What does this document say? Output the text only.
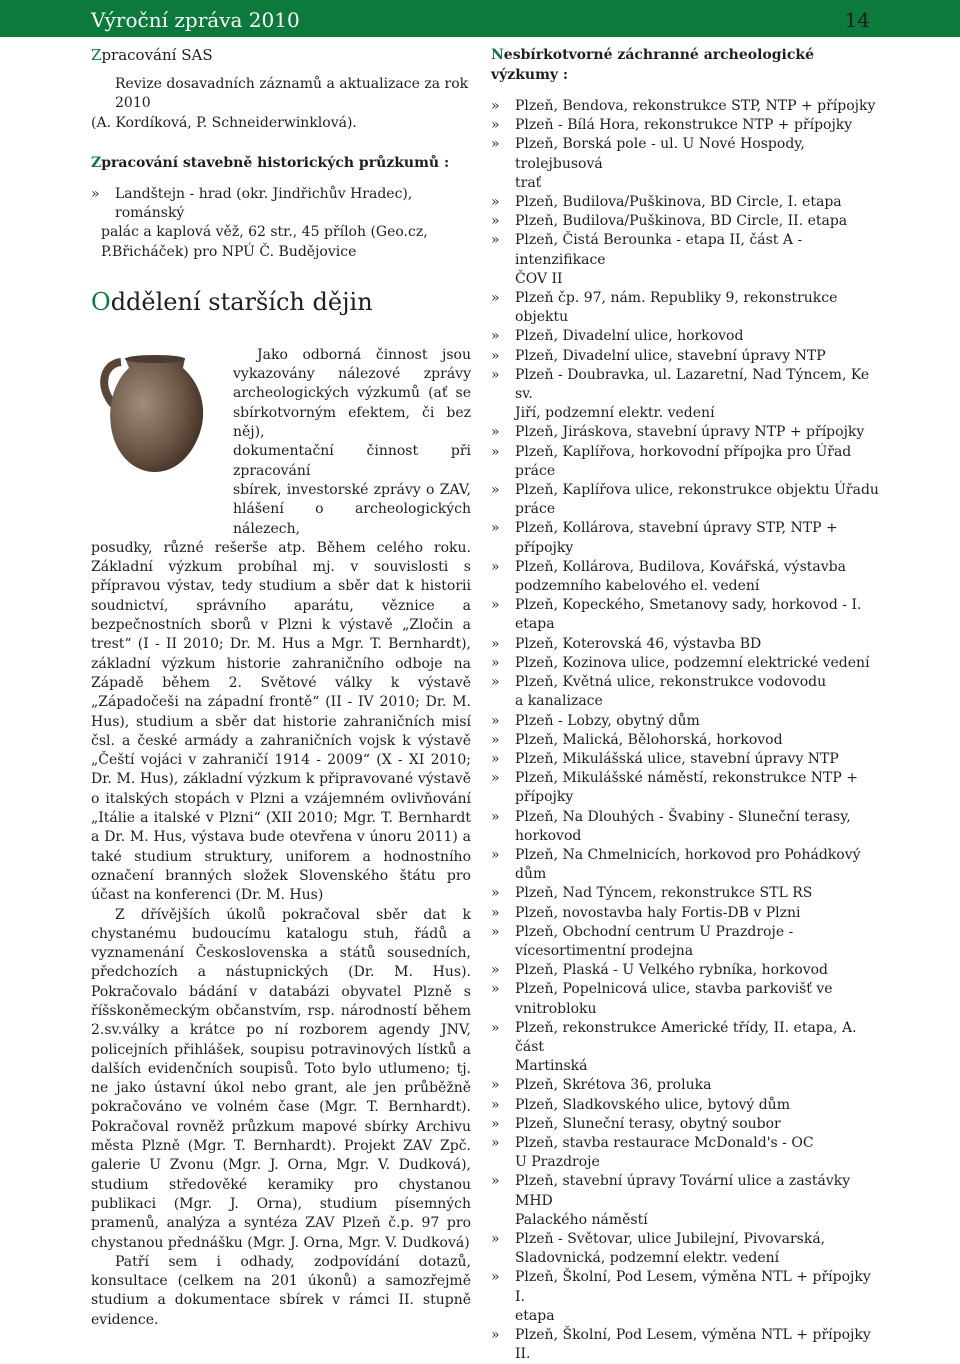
Výroční zpráva 2010	14
Zpracování SAS
Revize dosavadních záznamů a aktualizace za rok 2010
(A. Kordíková, P. Schneiderwinklová).
Zpracování stavebně historických průzkumů :
» Landštejn - hrad (okr. Jindřichův Hradec), románský
palác a kaplová věž, 62 str., 45 příloh (Geo.cz,
P.Břicháček) pro NPÚ Č. Budějovice
Oddělení starších dějin
Jako odborná činnost jsou
vykazovány nálezové zprávy
archeologických výzkumů (ať se
sbírkotvorným efektem, či bez něj),
dokumentační činnost při zpracování
sbírek, investorské zprávy o ZAV,
hlášení o archeologických nálezech,
posudky, různé rešerše atp. Během celého roku. Základní výzkum probíhal mj. v souvislosti s přípravou výstav, tedy studium a sběr dat k historii soudnictví, správního aparátu, věznice a bezpečnostních sborů v Plzni k výstavě „Zločin a trest“ (I - II 2010; Dr. M. Hus a Mgr. T. Bernhardt), základní výzkum historie zahraničního odboje na Západě během 2. Světové války k výstavě „Západočeši na západní frontě“ (II - IV 2010; Dr. M. Hus), studium a sběr dat historie zahraničních misí čsl. a české armády a zahraničních vojsk k výstavě „Čeští vojáci v zahraničí 1914 - 2009“ (X - XI 2010; Dr. M. Hus), základní výzkum k připravované výstavě o italských stopách v Plzni a vzájemném ovlivňování „Itálie a italské v Plzni“ (XII 2010; Mgr. T. Bernhardt a Dr. M. Hus, výstava bude otevřena v únoru 2011) a také studium struktury, uniforem a hodnostního označení branných složek Slovenského štátu pro účast na konferenci (Dr. M. Hus)
Z dřívějších úkolů pokračoval sběr dat k chystanému budoucímu katalogu stuh, řádů a vyznamenání Československa a států sousedních, předchozích a nástupnických (Dr. M. Hus). Pokračovalo bádání v databázi obyvatel Plzně s říšskoněmeckým občanstvím, rsp. národností během 2.sv.války a krátce po ní rozborem agendy JNV, policejních přihlášek, soupisu potravinových lístků a dalších evidenčních soupisů. Toto bylo utlumeno; tj. ne jako ústavní úkol nebo grant, ale jen průběžně pokračováno ve volném čase (Mgr. T. Bernhardt). Pokračoval rovněž průzkum mapové sbírky Archivu města Plzně (Mgr. T. Bernhardt). Projekt ZAV Zpč. galerie U Zvonu (Mgr. J. Orna, Mgr. V. Dudková), studium středověké keramiky pro chystanou publikaci (Mgr. J. Orna), studium písemných pramenů, analýza a syntéza ZAV Plzeň č.p. 97 pro chystanou přednášku (Mgr. J. Orna, Mgr. V. Dudková)
Patří sem i odhady, zodpovídání dotazů, konsultace (celkem na 201 úkonů) a samozřejmě studium a dokumentace sbírek v rámci II. stupně evidence.
Nesbírkotvorné záchranné archeologické výzkumy :
» Plzeň, Bendova, rekonstrukce STP, NTP + přípojky
» Plzeň - Bílá Hora, rekonstrukce NTP + přípojky
» Plzeň, Borská pole - ul. U Nové Hospody, trolejbusová
trať
» Plzeň, Budilova/Puškinova, BD Circle, I. etapa
» Plzeň, Budilova/Puškinova, BD Circle, II. etapa
» Plzeň, Čistá Berounka - etapa II, část A - intenzifikace
ČOV II
» Plzeň čp. 97, nám. Republiky 9, rekonstrukce objektu
» Plzeň, Divadelní ulice, horkovod
» Plzeň, Divadelní ulice, stavební úpravy NTP
» Plzeň - Doubravka, ul. Lazaretní, Nad Týncem, Ke sv.
Jiří, podzemní elektr. vedení
» Plzeň, Jiráskova, stavební úpravy NTP + přípojky
» Plzeň, Kaplířova, horkovodní přípojka pro Úřad práce
» Plzeň, Kaplířova ulice, rekonstrukce objektu Úřadu
práce
» Plzeň, Kollárova, stavební úpravy STP, NTP +
přípojky
» Plzeň, Kollárova, Budilova, Kovářská, výstavba
podzemního kabelového el. vedení
» Plzeň, Kopeckého, Smetanovy sady, horkovod - I.
etapa
» Plzeň, Koterovská 46, výstavba BD
» Plzeň, Kozinova ulice, podzemní elektrické vedení
» Plzeň, Květná ulice, rekonstrukce vodovodu
a kanalizace
» Plzeň - Lobzy, obytný dům
» Plzeň, Malická, Bělohorská, horkovod
» Plzeň, Mikulášská ulice, stavební úpravy NTP
» Plzeň, Mikulášské náměstí, rekonstrukce NTP +
přípojky
» Plzeň, Na Dlouhých - Švabiny - Sluneční terasy,
horkovod
» Plzeň, Na Chmelnicích, horkovod pro Pohádkový
dům
» Plzeň, Nad Týncem, rekonstrukce STL RS
» Plzeň, novostavba haly Fortis-DB v Plzni
» Plzeň, Obchodní centrum U Prazdroje -
vícesortimentní prodejna
» Plzeň, Plaská - U Velkého rybníka, horkovod
» Plzeň, Popelnicová ulice, stavba parkovišť ve
vnitrobloku
» Plzeň, rekonstrukce Americké třídy, II. etapa, A. část
Martinská
» Plzeň, Skrétova 36, proluka
» Plzeň, Sladkovského ulice, bytový dům
» Plzeň, Sluneční terasy, obytný soubor
» Plzeň, stavba restaurace McDonald's - OC
U Prazdroje
» Plzeň, stavební úpravy Tovární ulice a zastávky MHD
Palackého náměstí
» Plzeň - Světovar, ulice Jubilejní, Pivovarská,
Sladovnická, podzemní elektr. vedení
» Plzeň, Školní, Pod Lesem, výměna NTL + přípojky I.
etapa
» Plzeň, Školní, Pod Lesem, výměna NTL + přípojky II.
